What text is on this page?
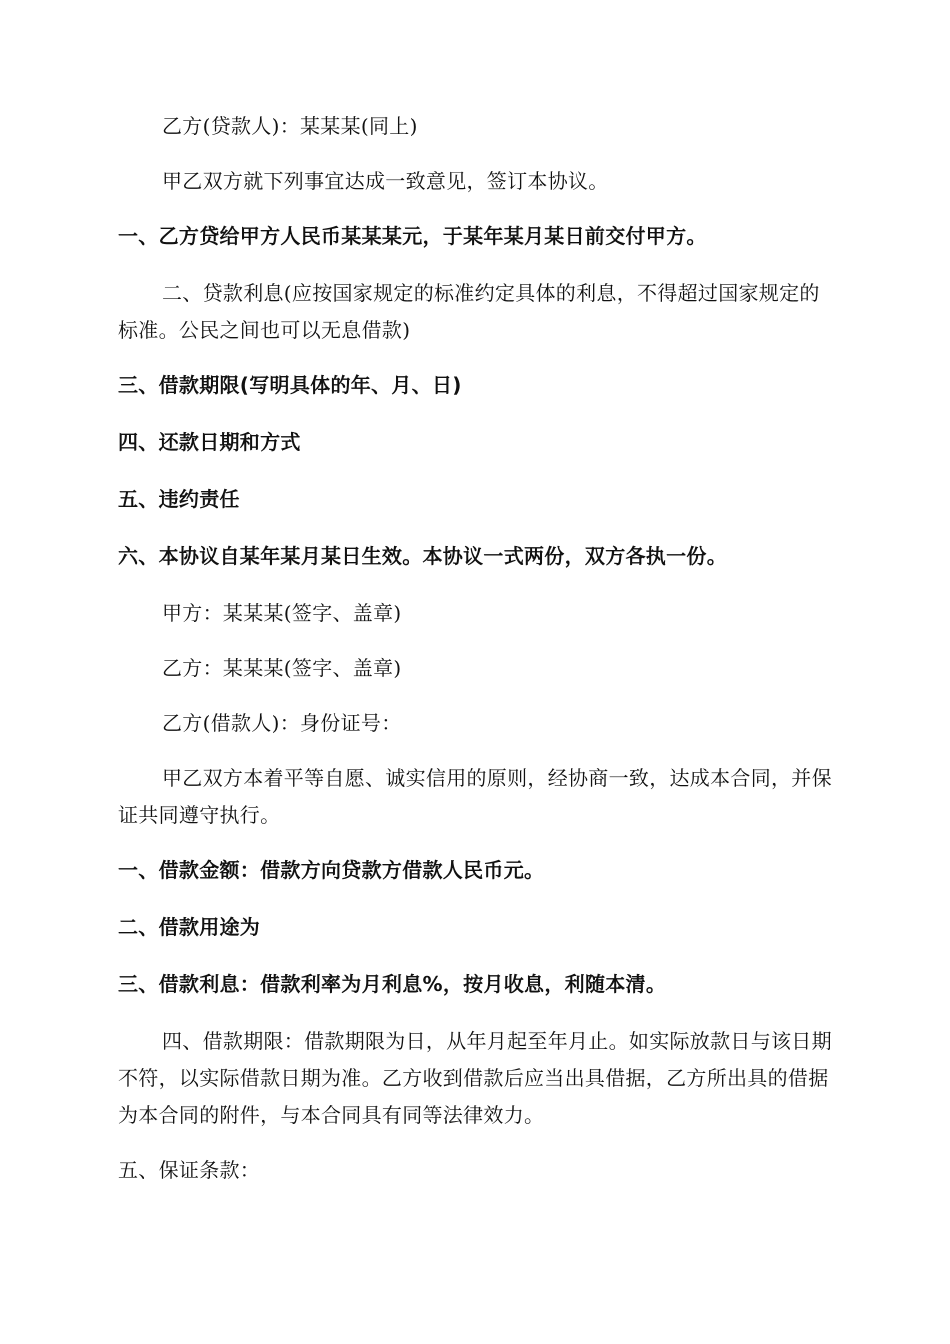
乙方(贷款人)：某某某(同上)

甲乙双方就下列事宜达成一致意见，签订本协议。

一、乙方贷给甲方人民币某某某元，于某年某月某日前交付甲方。

二、贷款利息(应按国家规定的标准约定具体的利息，不得超过国家规定的标准。公民之间也可以无息借款)

三、借款期限(写明具体的年、月、日)

四、还款日期和方式

五、违约责任

六、本协议自某年某月某日生效。本协议一式两份，双方各执一份。

甲方：某某某(签字、盖章)

乙方：某某某(签字、盖章)

乙方(借款人)：身份证号：

甲乙双方本着平等自愿、诚实信用的原则，经协商一致，达成本合同，并保证共同遵守执行。

一、借款金额：借款方向贷款方借款人民币元。

二、借款用途为

三、借款利息：借款利率为月利息%，按月收息，利随本清。

四、借款期限：借款期限为日，从年月起至年月止。如实际放款日与该日期不符，以实际借款日期为准。乙方收到借款后应当出具借据，乙方所出具的借据为本合同的附件，与本合同具有同等法律效力。

五、保证条款：
